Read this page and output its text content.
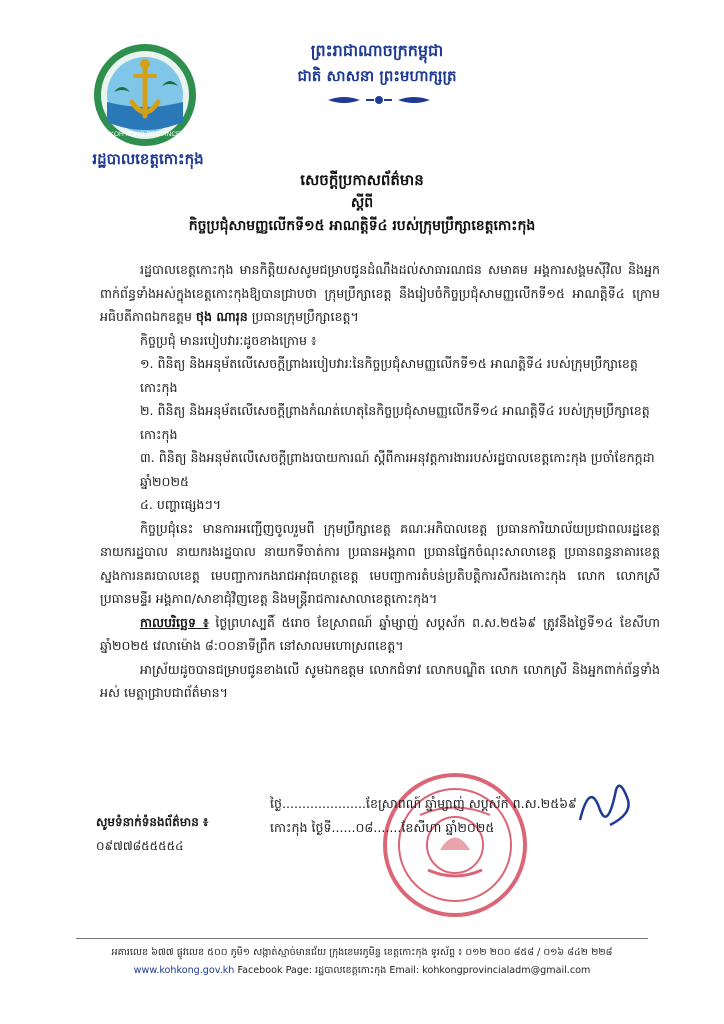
KOH KONG PROVINCE
រដ្ឋបាលខេត្តកោះកុង
ព្រះរាជាណាចក្រកម្ពុជា
ជាតិ សាសនា ព្រះមហាក្សត្រ
សេចក្តីប្រកាសព័ត៌មាន
ស្តីពី
កិច្ចប្រជុំសាមញ្ញលើកទី១៥ អាណត្តិទី៤ របស់ក្រុមប្រឹក្សាខេត្តកោះកុង

រដ្ឋបាលខេត្តកោះកុង មានកិត្តិយសសូមជម្រាបជូនដំណឹងដល់សាធារណជន សមាគម អង្គការសង្គមស៊ីវិល និងអ្នកពាក់ព័ន្ធទាំងអស់ក្នុងខេត្តកោះកុងឱ្យបានជ្រាបថា ក្រុមប្រឹក្សាខេត្ត នឹងរៀបចំកិច្ចប្រជុំសាមញ្ញលើកទី១៥ អាណត្តិទី៤ ក្រោមអធិបតីភាពឯកឧត្តម ថុង ណារុន ប្រធានក្រុមប្រឹក្សាខេត្ត។

កិច្ចប្រជុំ មានរបៀបវារៈដូចខាងក្រោម ៖

១. ពិនិត្យ និងអនុម័តលើសេចក្តីព្រាងរបៀបវារៈនៃកិច្ចប្រជុំសាមញ្ញលើកទី១៥ អាណត្តិទី៤ របស់ក្រុមប្រឹក្សាខេត្តកោះកុង
២. ពិនិត្យ និងអនុម័តលើសេចក្តីព្រាងកំណត់ហេតុនៃកិច្ចប្រជុំសាមញ្ញលើកទី១៤ អាណត្តិទី៤ របស់ក្រុមប្រឹក្សាខេត្តកោះកុង
៣. ពិនិត្យ និងអនុម័តលើសេចក្តីព្រាងរបាយការណ៍ ស្តីពីការអនុវត្តការងាររបស់រដ្ឋបាលខេត្តកោះកុង ប្រចាំខែកក្កដា ឆ្នាំ២០២៥
៤. បញ្ហាផ្សេងៗ។

កិច្ចប្រជុំនេះ មានការអញ្ជើញចូលរួមពី ក្រុមប្រឹក្សាខេត្ត គណៈអភិបាលខេត្ត ប្រធានការិយាល័យប្រជាពលរដ្ឋខេត្ត នាយករដ្ឋបាល នាយករងរដ្ឋបាល នាយកទីចាត់ការ ប្រធានអង្គភាព ប្រធានផ្នែកចំណុះសាលាខេត្ត ប្រធានពន្ធនាគារខេត្ត ស្នងការនគរបាលខេត្ត មេបញ្ជាការកងរាជអាវុធហត្ថខេត្ត មេបញ្ជាការតំបន់ប្រតិបត្តិការសឹករងកោះកុង លោក លោកស្រីប្រធានមន្ទីរ អង្គភាព/សាខាជុំវិញខេត្ត និងមន្ត្រីរាជការសាលាខេត្តកោះកុង។

កាលបរិច្ឆេទ ៖ ថ្ងៃព្រហស្បតិ៍ ៥រោច ខែស្រាពណ៍ ឆ្នាំម្សាញ់ សប្តស័ក ព.ស.២៥៦៩ ត្រូវនឹងថ្ងៃទី១៤ ខែសីហា ឆ្នាំ២០២៥ វេលាម៉ោង ៨:០០នាទីព្រឹក នៅសាលមហោស្រពខេត្ត។

អាស្រ័យដូចបានជម្រាបជូនខាងលើ សូមឯកឧត្តម លោកជំទាវ លោកបណ្ឌិត លោក លោកស្រី និងអ្នកពាក់ព័ន្ធទាំងអស់ មេត្តាជ្រាបជាព័ត៌មាន។

ថ្ងៃ.....................ខែស្រាពណ៍ ឆ្នាំម្សាញ់ សប្តស័ក ព.ស.២៥៦៩
កោះកុង ថ្ងៃទី......០៨.......ខែសីហា ឆ្នាំ២០២៥
សូមទំនាក់ទំនងព័ត៌មាន ៖
០៩៧៧៨៥៥៥៥៤
អគារលេខ ៦៧៧ ផ្លូវលេខ ៥០០ ភូមិ១ សង្កាត់ស្មាច់មានជ័យ ក្រុងខេមរភូមិន្ទ ខេត្តកោះកុង ទូរស័ព្ទ ៖ ០១២ ២០០ ៨៥៨ / ០១៦ ៨៤២ ២២៨
www.kohkong.gov.kh Facebook Page: រដ្ឋបាលខេត្តកោះកុង Email: kohkongprovincialadm@gmail.com
